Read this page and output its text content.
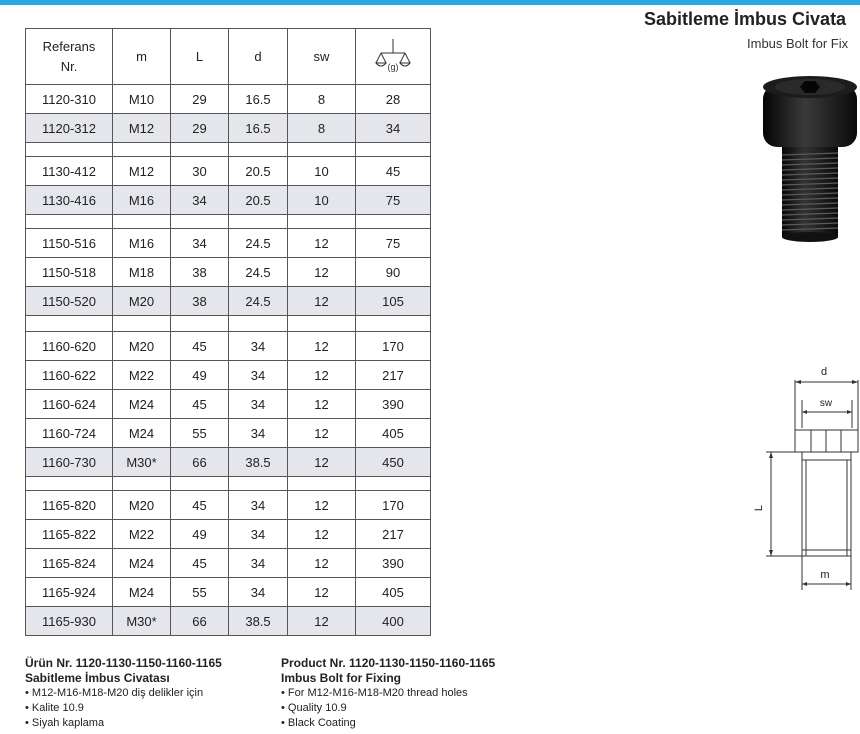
Sabitleme İmbus Civata
Imbus Bolt for Fix
Referans
Nr.	m	L	d	sw	(g)

1120-310	M10	29	16.5	8	28
1120-312	M12	29	16.5	8	34

1130-412	M12	30	20.5	10	45
1130-416	M16	34	20.5	10	75

1150-516	M16	34	24.5	12	75
1150-518	M18	38	24.5	12	90
1150-520	M20	38	24.5	12	105

1160-620	M20	45	34	12	170
1160-622	M22	49	34	12	217
1160-624	M24	45	34	12	390
1160-724	M24	55	34	12	405
1160-730	M30*	66	38.5	12	450

1165-820	M20	45	34	12	170
1165-822	M22	49	34	12	217
1165-824	M24	45	34	12	390
1165-924	M24	55	34	12	405
1165-930	M30*	66	38.5	12	400
Ürün Nr. 1120-1130-1150-1160-1165
Sabitleme İmbus Civatası
• M12-M16-M18-M20 diş delikler için
• Kalite 10.9
• Siyah kaplama
Product Nr. 1120-1130-1150-1160-1165
Imbus Bolt for Fixing
• For M12-M16-M18-M20 thread holes
• Quality 10.9
• Black Coating
d
sw
L
m
